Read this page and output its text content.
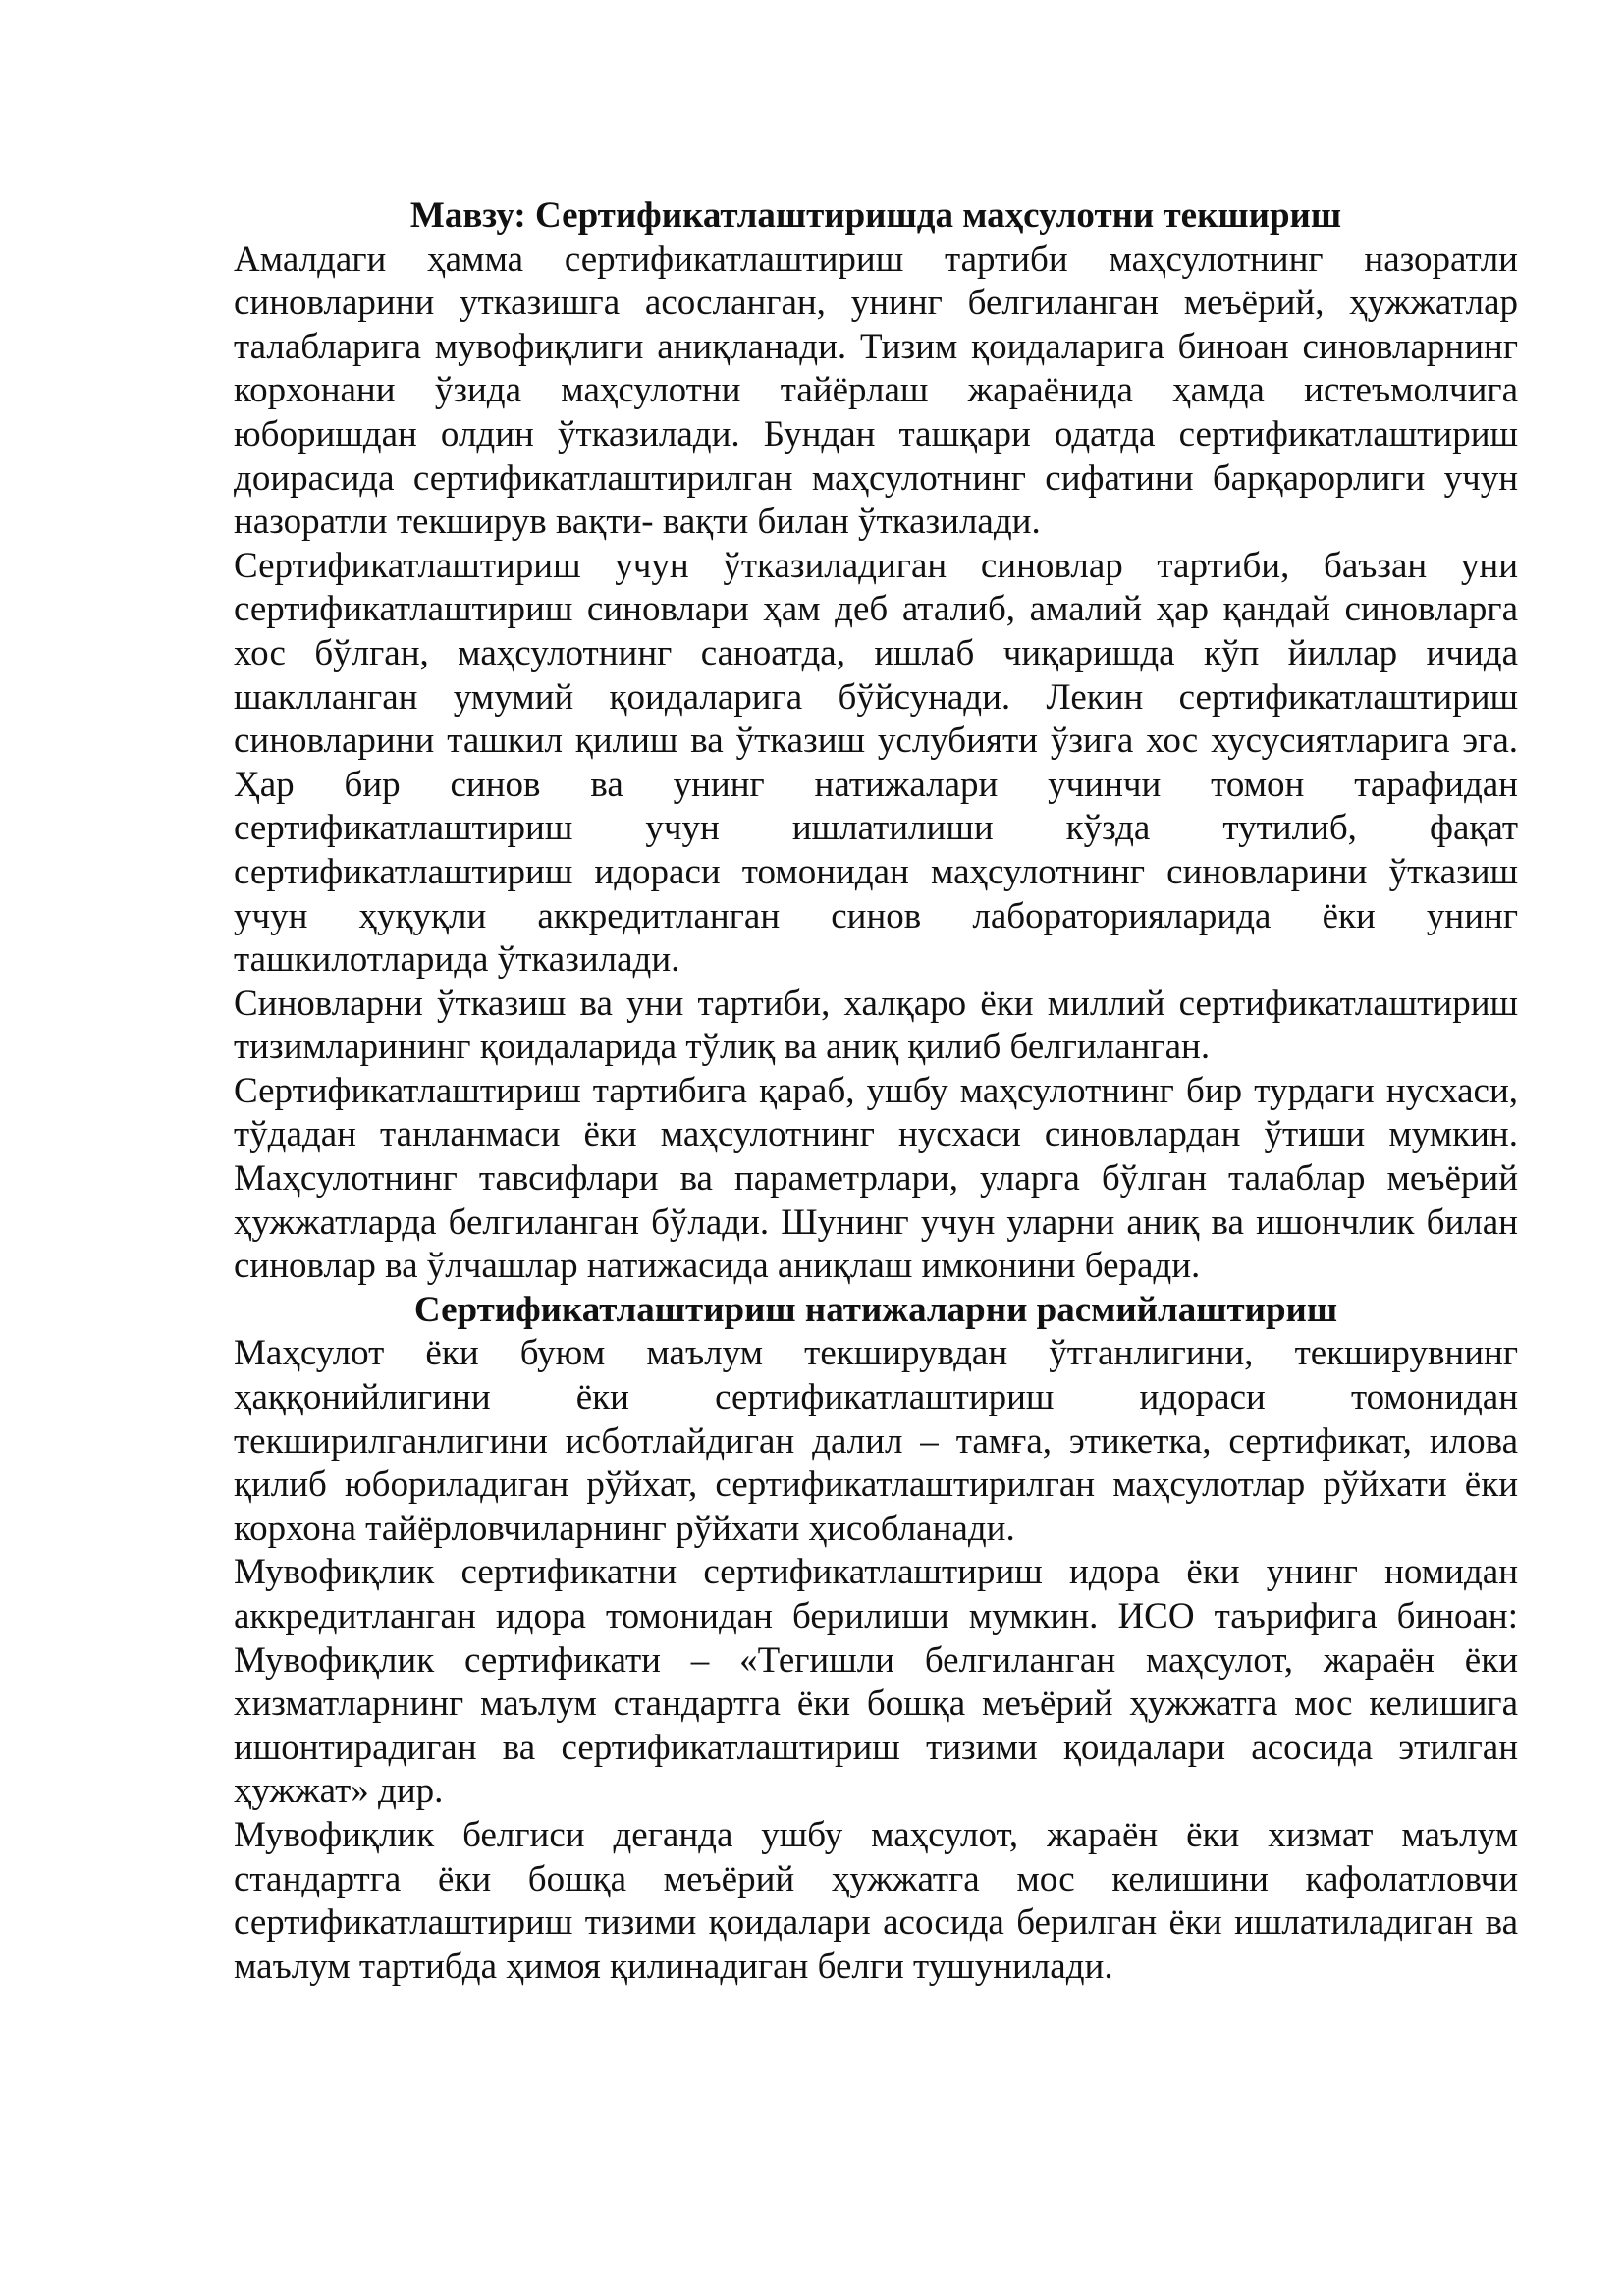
Мавзу: Сертификатлаштиришда маҳсулотни текшириш

Амалдаги ҳамма сертификатлаштириш тартиби маҳсулотнинг назоратли синовларини утказишга асосланган, унинг белгиланган меъёрий, ҳужжатлар талабларига мувофиқлиги аниқланади. Тизим қоидаларига биноан синовларнинг корхонани ўзида маҳсулотни тайёрлаш жараёнида ҳамда истеъмолчига юборишдан олдин ўтказилади. Бундан ташқари одатда сертификатлаштириш доирасида сертификатлаштирилган маҳсулотнинг сифатини барқарорлиги учун назоратли текширув вақти- вақти билан ўтказилади.

Сертификатлаштириш учун ўтказиладиган синовлар тартиби, баъзан уни сертификатлаштириш синовлари ҳам деб аталиб, амалий ҳар қандай синовларга хос бўлган, маҳсулотнинг саноатда, ишлаб чиқаришда кўп йиллар ичида шаклланган умумий қоидаларига бўйсунади. Лекин сертификатлаштириш синовларини ташкил қилиш ва ўтказиш услубияти ўзига хос хусусиятларига эга. Ҳар бир синов ва унинг натижалари учинчи томон тарафидан сертификатлаштириш учун ишлатилиши кўзда тутилиб, фақат сертификатлаштириш идораси томонидан маҳсулотнинг синовларини ўтказиш учун ҳуқуқли аккредитланган синов лабораторияларида ёки унинг ташкилотларида ўтказилади.

Синовларни ўтказиш ва уни тартиби, халқаро ёки миллий сертификатлаштириш тизимларининг қоидаларида тўлиқ ва аниқ қилиб белгиланган.

Сертификатлаштириш тартибига қараб, ушбу маҳсулотнинг бир турдаги нусхаси, тўдадан танланмаси ёки маҳсулотнинг нусхаси синовлардан ўтиши мумкин. Маҳсулотнинг тавсифлари ва параметрлари, уларга бўлган талаблар меъёрий ҳужжатларда белгиланган бўлади. Шунинг учун уларни аниқ ва ишончлик билан синовлар ва ўлчашлар натижасида аниқлаш имконини беради.

Сертификатлаштириш натижаларни расмийлаштириш

Маҳсулот ёки буюм маълум текширувдан ўтганлигини, текширувнинг ҳаққонийлигини ёки сертификатлаштириш идораси томонидан текширилганлигини исботлайдиган далил – тамға, этикетка, сертификат, илова қилиб юбориладиган рўйхат, сертификатлаштирилган маҳсулотлар рўйхати ёки корхона тайёрловчиларнинг рўйхати ҳисобланади.

Мувофиқлик сертификатни сертификатлаштириш идора ёки унинг номидан аккредитланган идора томонидан берилиши мумкин. ИСО таърифига биноан: Мувофиқлик сертификати – «Тегишли белгиланган маҳсулот, жараён ёки хизматларнинг маълум стандартга ёки бошқа меъёрий ҳужжатга мос келишига ишонтирадиган ва сертификатлаштириш тизими қоидалари асосида этилган ҳужжат» дир.

Мувофиқлик белгиси деганда ушбу маҳсулот, жараён ёки хизмат маълум стандартга ёки бошқа меъёрий ҳужжатга мос келишини кафолатловчи сертификатлаштириш тизими қоидалари асосида берилган ёки ишлатиладиган ва маълум тартибда ҳимоя қилинадиган белги тушунилади.
